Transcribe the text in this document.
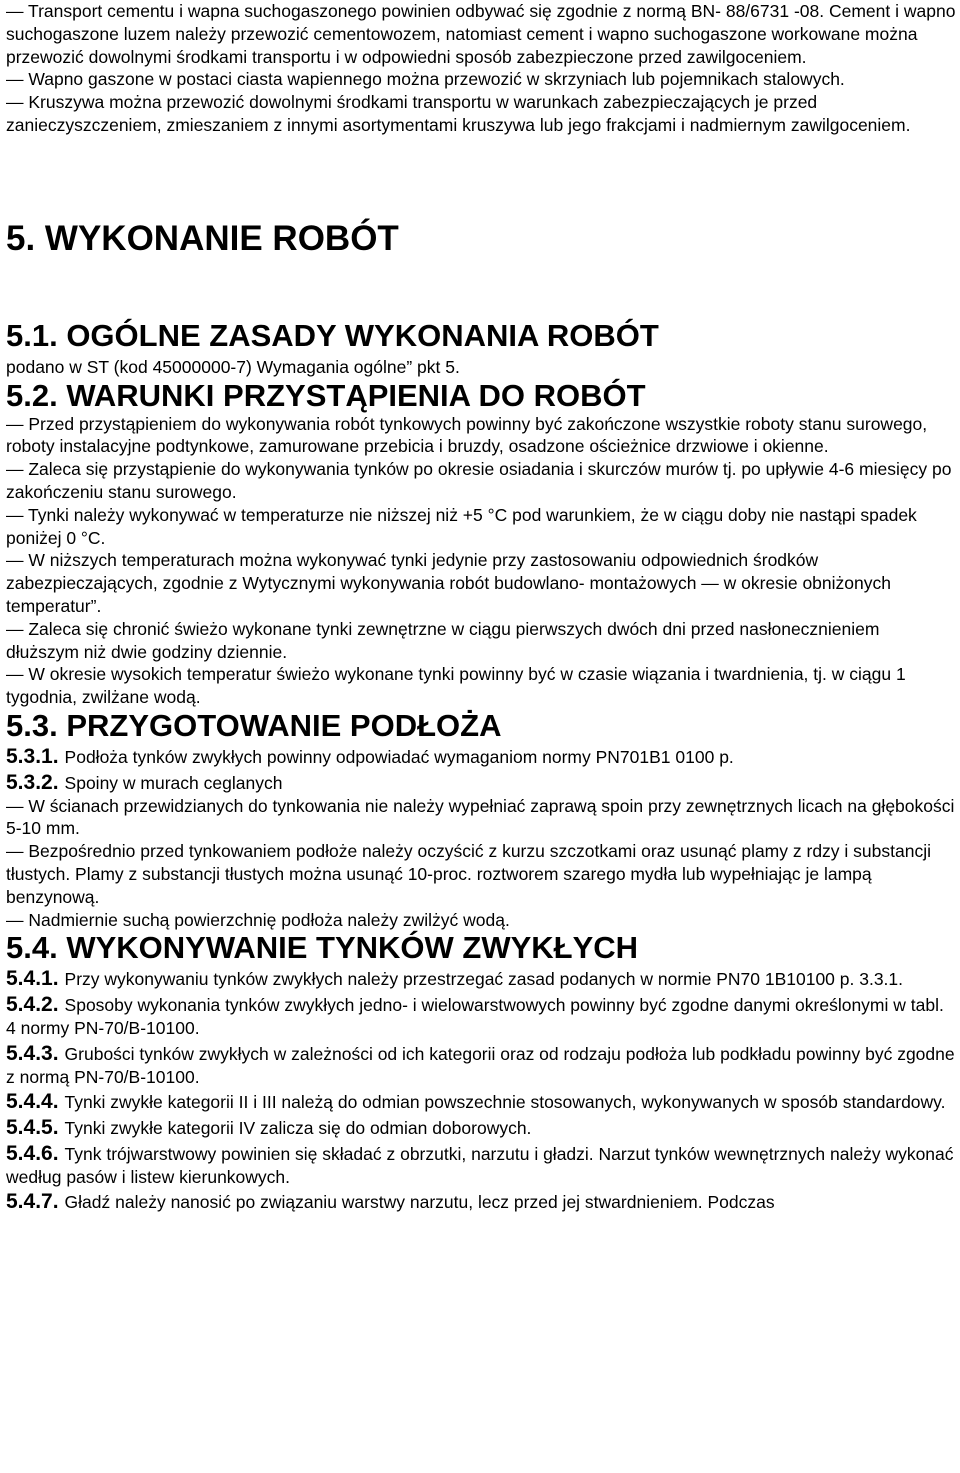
— Transport cementu i wapna suchogaszonego powinien odbywać się zgodnie z normą BN- 88/6731 -08. Cement i wapno suchogaszone luzem należy przewozić cementowozem, natomiast cement i wapno suchogaszone workowane można przewozić dowolnymi środkami transportu i w odpowiedni sposób zabezpieczone przed zawilgoceniem.

— Wapno gaszone w postaci ciasta wapiennego można przewozić w skrzyniach lub pojemnikach stalowych.

— Kruszywa można przewozić dowolnymi środkami transportu w warunkach zabezpieczających je przed zanieczyszczeniem, zmieszaniem z innymi asortymentami kruszywa lub jego frakcjami i nadmiernym zawilgoceniem.

5. WYKONANIE ROBÓT
5.1. OGÓLNE ZASADY WYKONANIA ROBÓT

podano w ST (kod 45000000-7) Wymagania ogólne” pkt 5.

5.2. WARUNKI PRZYSTĄPIENIA DO ROBÓT

— Przed przystąpieniem do wykonywania robót tynkowych powinny być zakończone wszystkie roboty stanu surowego, roboty instalacyjne podtynkowe, zamurowane przebicia i bruzdy, osadzone ościeżnice drzwiowe i okienne.

— Zaleca się przystąpienie do wykonywania tynków po okresie osiadania i skurczów murów tj. po upływie 4-6 miesięcy po zakończeniu stanu surowego.

— Tynki należy wykonywać w temperaturze nie niższej niż +5 °C pod warunkiem, że w ciągu doby nie nastąpi spadek poniżej 0 °C.

— W niższych temperaturach można wykonywać tynki jedynie przy zastosowaniu odpowiednich środków zabezpieczających, zgodnie z Wytycznymi wykonywania robót budowlano- montażowych — w okresie obniżonych temperatur”.

— Zaleca się chronić świeżo wykonane tynki zewnętrzne w ciągu pierwszych dwóch dni przed nasłonecznieniem dłuższym niż dwie godziny dziennie.

— W okresie wysokich temperatur świeżo wykonane tynki powinny być w czasie wiązania i twardnienia, tj. w ciągu 1 tygodnia, zwilżane wodą.

5.3. PRZYGOTOWANIE PODŁOŻA

5.3.1. Podłoża tynków zwykłych powinny odpowiadać wymaganiom normy PN701B1 0100 p.

5.3.2. Spoiny w murach ceglanych

— W ścianach przewidzianych do tynkowania nie należy wypełniać zaprawą spoin przy zewnętrznych licach na głębokości 5-10 mm.

— Bezpośrednio przed tynkowaniem podłoże należy oczyścić z kurzu szczotkami oraz usunąć plamy z rdzy i substancji tłustych. Plamy z substancji tłustych można usunąć 10-proc. roztworem szarego mydła lub wypełniając je lampą benzynową.

— Nadmiernie suchą powierzchnię podłoża należy zwilżyć wodą.

5.4. WYKONYWANIE TYNKÓW ZWYKŁYCH

5.4.1. Przy wykonywaniu tynków zwykłych należy przestrzegać zasad podanych w normie PN70 1B10100 p. 3.3.1.

5.4.2. Sposoby wykonania tynków zwykłych jedno- i wielowarstwowych powinny być zgodne danymi określonymi w tabl. 4 normy PN-70/B-10100.

5.4.3. Grubości tynków zwykłych w zależności od ich kategorii oraz od rodzaju podłoża lub podkładu powinny być zgodne z normą PN-70/B-10100.

5.4.4. Tynki zwykłe kategorii II i III należą do odmian powszechnie stosowanych, wykonywanych w sposób standardowy.

5.4.5. Tynki zwykłe kategorii IV zalicza się do odmian doborowych.

5.4.6. Tynk trójwarstwowy powinien się składać z obrzutki, narzutu i gładzi. Narzut tynków wewnętrznych należy wykonać według pasów i listew kierunkowych.

5.4.7. Gładź należy nanosić po związaniu warstwy narzutu, lecz przed jej stwardnieniem. Podczas
